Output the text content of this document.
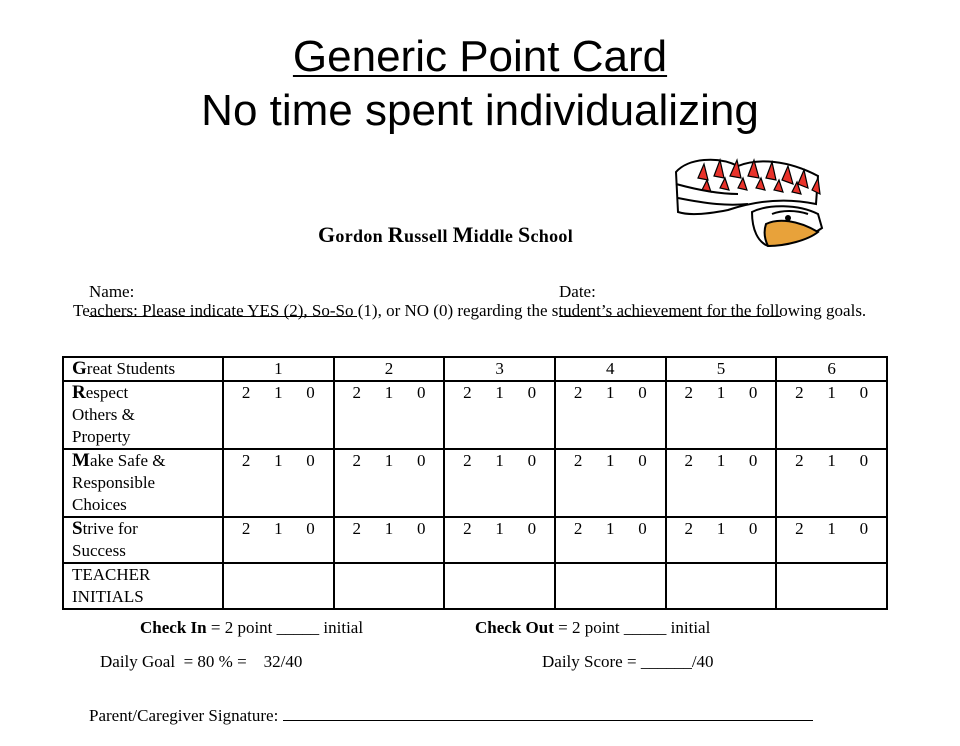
Generic Point Card
No time spent individualizing
Gordon Russell Middle School

Name:

	Date:

Teachers: Please indicate YES (2), So-So (1), or NO (0) regarding the student’s achievement for the following goals.
Great Students	1	2	3	4	5	6
Respect
Others &
Property	2 1 0	2 1 0	2 1 0	2 1 0	2 1 0	2 1 0

Make Safe &
Responsible
Choices	2 1 0	2 1 0	2 1 0	2 1 0	2 1 0	2 1 0

Strive for
Success	2 1 0	2 1 0	2 1 0	2 1 0	2 1 0	2 1 0

TEACHER
INITIALS						
Check In = 2 point _____ initial	Check Out = 2 point _____ initial
Daily Goal  = 80 % =    32/40	Daily Score = ______/40

Parent/Caregiver Signature:
